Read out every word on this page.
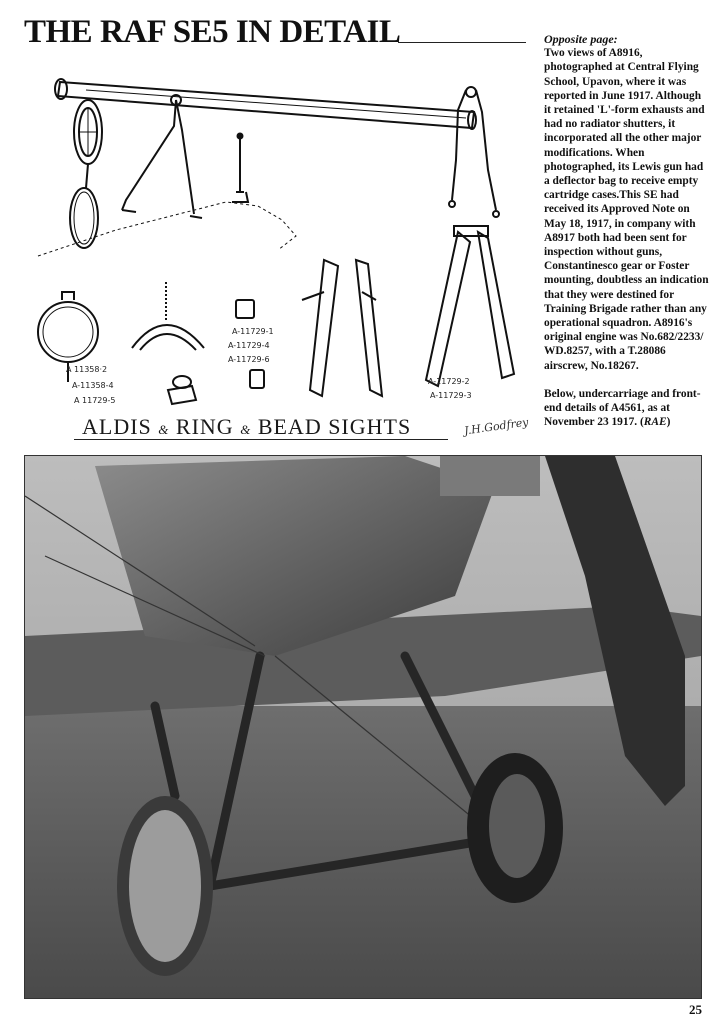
THE RAF SE5 IN DETAIL
A 11358·2
A-11358-4
A 11729-5
A-11729-1
A-11729-4
A-11729-6
A-11729-2
A-11729-3
ALDIS & RING & BEAD SIGHTS	J.H.Godfrey

Opposite page:

Two views of A8916, photographed at Central Flying School, Upavon, where it was reported in June 1917. Although it retained 'L'-form exhausts and had no radiator shutters, it incorporated all the other major modifications. When photographed, its Lewis gun had a deflector bag to receive empty cartridge cases.This SE had received its Approved Note on May 18, 1917, in company with A8917 both had been sent for inspection without guns, Constantinesco gear or Foster mounting, doubtless an indication that they were destined for Training Brigade rather than any operational squadron. A8916's original engine was No.682/2233/ WD.8257, with a T.28086 airscrew, No.18267.

Below, undercarriage and front-end details of A4561, as at November 23 1917. (RAE)

25
